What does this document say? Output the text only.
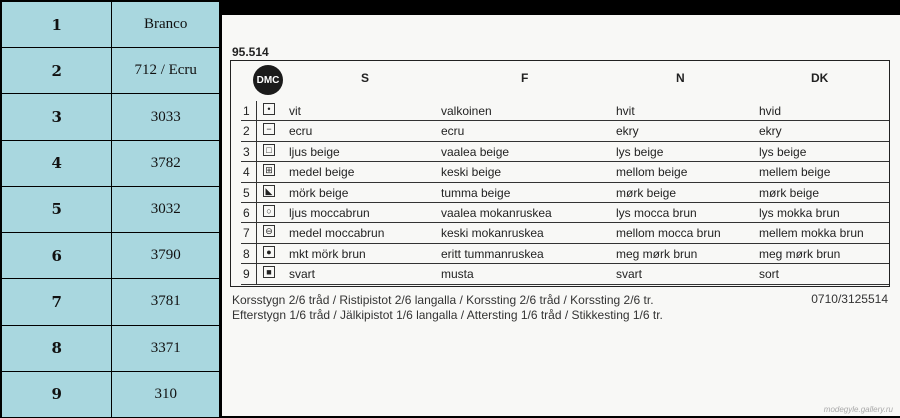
1	Branco
2	712 / Ecru
3	3033
4	3782
5	3032
6	3790
7	3781
8	3371
9	310
95.514
DMC	S	F	N	DK
1	•	vit	valkoinen	hvit	hvid
2	− ecru	ecru	ekry	ekry
3	□ ljus beige	vaalea beige	lys beige	lys beige
4 ⊞ medel beige	keski beige	mellom beige	mellem beige
5 ◣ mörk beige	tumma beige	mørk beige	mørk beige
6	○ ljus moccabrun	vaalea mokanruskea	lys mocca brun	lys mokka brun
7 ⊖ medel moccabrun	keski mokanruskea	mellom mocca brun	mellem mokka brun
8	● mkt mörk brun	eritt tummanruskea	meg mørk brun	meg mørk brun
9	■ svart	musta	svart	sort
Korsstygn 2/6 tråd / Ristipistot 2/6 langalla / Korssting 2/6 tråd / Korssting 2/6 tr.
Efterstygn 1/6 tråd / Jälkipistot 1/6 langalla / Attersting 1/6 tråd / Stikkesting 1/6 tr.
0710/3125514
modegyle.gallery.ru
